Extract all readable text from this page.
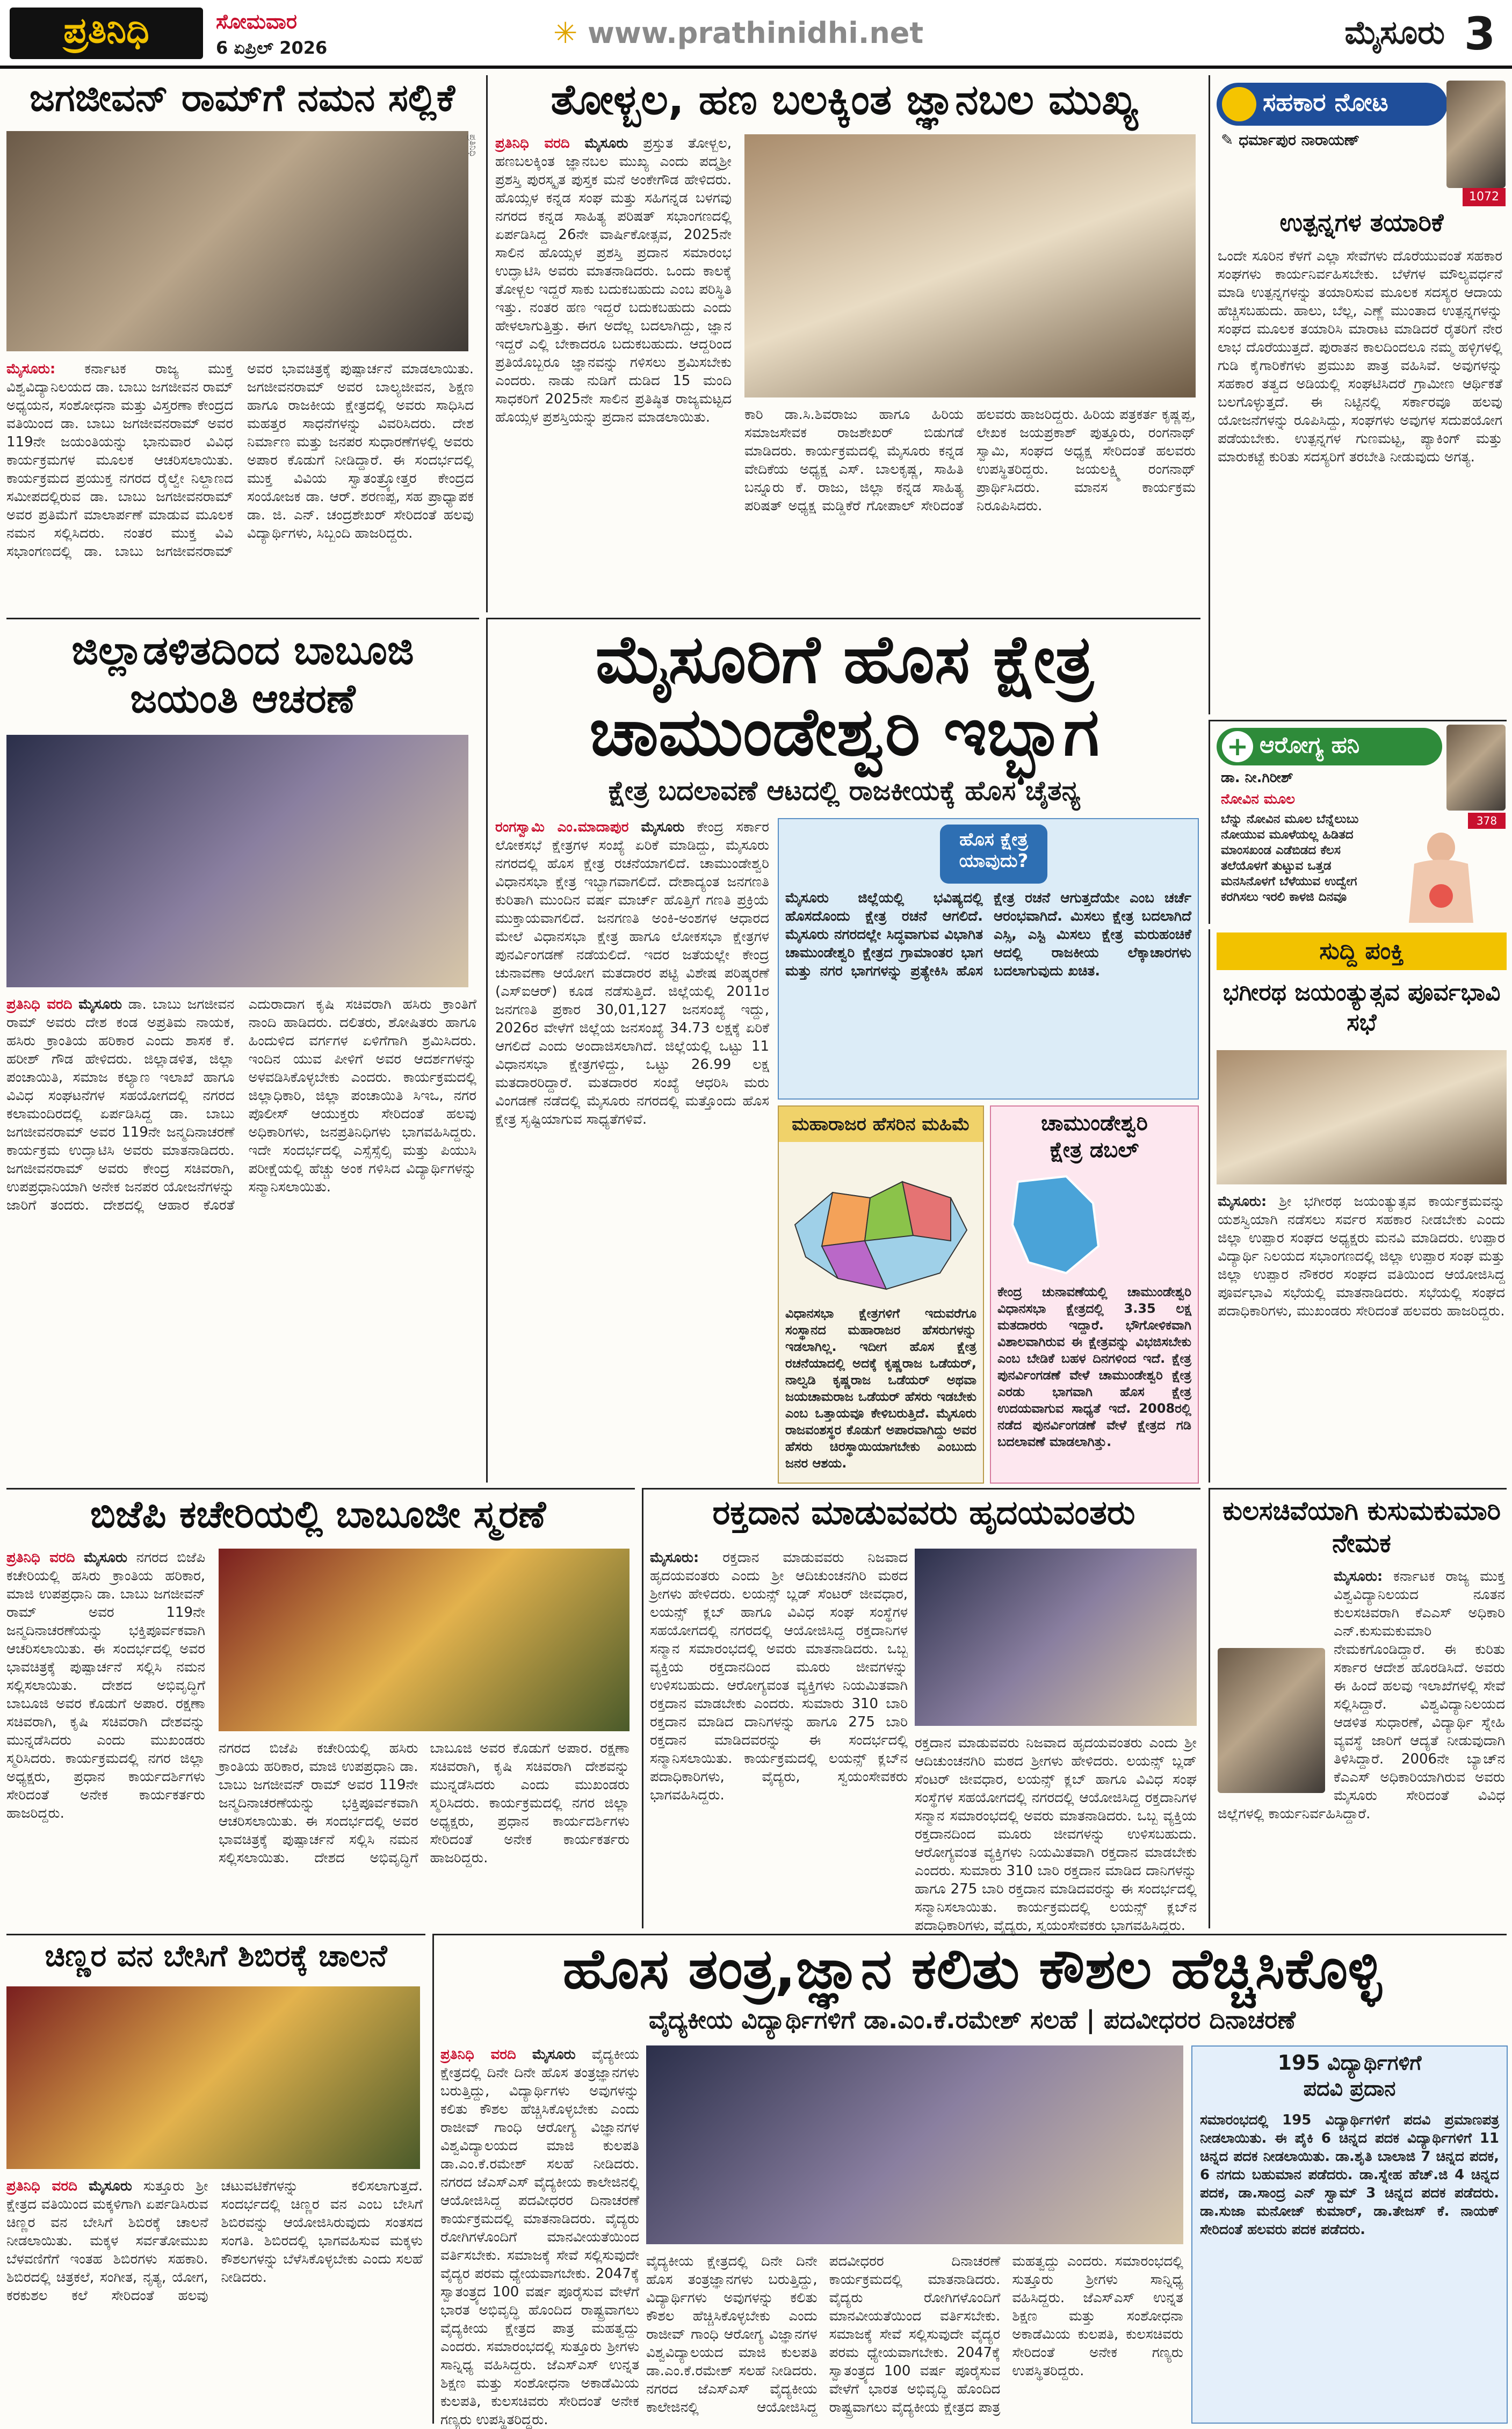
ಪ್ರತಿನಿಧಿ	ಸೋಮವಾರ
6 ಏಪ್ರಿಲ್ 2026	✳ www.prathinidhi.net	ಮೈಸೂರು 3
ಜಗಜೀವನ್ ರಾಮ್‌ಗೆ ನಮನ ಸಲ್ಲಿಕೆ
ಪ್ರತಿನಿಧಿ
ಮೈಸೂರು: ಕರ್ನಾಟಕ ರಾಜ್ಯ ಮುಕ್ತ ವಿಶ್ವವಿದ್ಯಾನಿಲಯದ ಡಾ. ಬಾಬು ಜಗಜೀವನ ರಾಮ್ ಅಧ್ಯಯನ, ಸಂಶೋಧನಾ ಮತ್ತು ವಿಸ್ತರಣಾ ಕೇಂದ್ರದ ವತಿಯಿಂದ ಡಾ. ಬಾಬು ಜಗಜೀವನರಾಮ್ ಅವರ 119ನೇ ಜಯಂತಿಯನ್ನು ಭಾನುವಾರ ವಿವಿಧ ಕಾರ್ಯಕ್ರಮಗಳ ಮೂಲಕ ಆಚರಿಸಲಾಯಿತು. ಕಾರ್ಯಕ್ರಮದ ಪ್ರಯುಕ್ತ ನಗರದ ರೈಲ್ವೇ ನಿಲ್ದಾಣದ ಸಮೀಪದಲ್ಲಿರುವ ಡಾ. ಬಾಬು ಜಗಜೀವನರಾಮ್ ಅವರ ಪ್ರತಿಮೆಗೆ ಮಾಲಾರ್ಪಣೆ ಮಾಡುವ ಮೂಲಕ ನಮನ ಸಲ್ಲಿಸಿದರು. ನಂತರ ಮುಕ್ತ ವಿವಿ ಸಭಾಂಗಣದಲ್ಲಿ ಡಾ. ಬಾಬು ಜಗಜೀವನರಾಮ್ ಅವರ ಭಾವಚಿತ್ರಕ್ಕೆ ಪುಷ್ಪಾರ್ಚನೆ ಮಾಡಲಾಯಿತು. ಜಗಜೀವನರಾಮ್ ಅವರ ಬಾಲ್ಯಜೀವನ, ಶಿಕ್ಷಣ ಹಾಗೂ ರಾಜಕೀಯ ಕ್ಷೇತ್ರದಲ್ಲಿ ಅವರು ಸಾಧಿಸಿದ ಮಹತ್ತರ ಸಾಧನೆಗಳನ್ನು ವಿವರಿಸಿದರು. ದೇಶ ನಿರ್ಮಾಣ ಮತ್ತು ಜನಪರ ಸುಧಾರಣೆಗಳಲ್ಲಿ ಅವರು ಅಪಾರ ಕೊಡುಗೆ ನೀಡಿದ್ದಾರೆ. ಈ ಸಂದರ್ಭದಲ್ಲಿ ಮುಕ್ತ ವಿವಿಯ ಸ್ವಾತಂತ್ರ್ಯೋತ್ತರ ಕೇಂದ್ರದ ಸಂಯೋಜಕ ಡಾ. ಆರ್. ಶರಣಪ್ಪ, ಸಹ ಪ್ರಾಧ್ಯಾಪಕ ಡಾ. ಜಿ. ಎನ್. ಚಂದ್ರಶೇಖರ್ ಸೇರಿದಂತೆ ಹಲವು ವಿದ್ಯಾರ್ಥಿಗಳು, ಸಿಬ್ಬಂದಿ ಹಾಜರಿದ್ದರು.
ತೋಳ್ಬಲ, ಹಣ ಬಲಕ್ಕಿಂತ ಜ್ಞಾನಬಲ ಮುಖ್ಯ
ಪ್ರತಿನಿಧಿ ವರದಿ ಮೈಸೂರು ಪ್ರಸ್ತುತ ತೋಳ್ಬಲ, ಹಣಬಲಕ್ಕಿಂತ ಜ್ಞಾನಬಲ ಮುಖ್ಯ ಎಂದು ಪದ್ಮಶ್ರೀ ಪ್ರಶಸ್ತಿ ಪುರಸ್ಕೃತ ಪುಸ್ತಕ ಮನೆ ಅಂಕೇಗೌಡ ಹೇಳಿದರು. ಹೊಯ್ಸಳ ಕನ್ನಡ ಸಂಘ ಮತ್ತು ಸಹಿಗನ್ನಡ ಬಳಗವು ನಗರದ ಕನ್ನಡ ಸಾಹಿತ್ಯ ಪರಿಷತ್ ಸಭಾಂಗಣದಲ್ಲಿ ಏರ್ಪಡಿಸಿದ್ದ 26ನೇ ವಾರ್ಷಿಕೋತ್ಸವ, 2025ನೇ ಸಾಲಿನ ಹೊಯ್ಸಳ ಪ್ರಶಸ್ತಿ ಪ್ರದಾನ ಸಮಾರಂಭ ಉದ್ಘಾಟಿಸಿ ಅವರು ಮಾತನಾಡಿದರು. ಒಂದು ಕಾಲಕ್ಕೆ ತೋಳ್ಬಲ ಇದ್ದರೆ ಸಾಕು ಬದುಕಬಹುದು ಎಂಬ ಪರಿಸ್ಥಿತಿ ಇತ್ತು. ನಂತರ ಹಣ ಇದ್ದರೆ ಬದುಕಬಹುದು ಎಂದು ಹೇಳಲಾಗುತ್ತಿತ್ತು. ಈಗ ಅದೆಲ್ಲ ಬದಲಾಗಿದ್ದು, ಜ್ಞಾನ ಇದ್ದರೆ ಎಲ್ಲಿ ಬೇಕಾದರೂ ಬದುಕಬಹುದು. ಆದ್ದರಿಂದ ಪ್ರತಿಯೊಬ್ಬರೂ ಜ್ಞಾನವನ್ನು ಗಳಿಸಲು ಶ್ರಮಿಸಬೇಕು ಎಂದರು. ನಾಡು ನುಡಿಗೆ ದುಡಿದ 15 ಮಂದಿ ಸಾಧಕರಿಗೆ 2025ನೇ ಸಾಲಿನ ಪ್ರತಿಷ್ಠಿತ ರಾಜ್ಯಮಟ್ಟದ ಹೊಯ್ಸಳ ಪ್ರಶಸ್ತಿಯನ್ನು ಪ್ರದಾನ ಮಾಡಲಾಯಿತು.	ಕಾರಿ ಡಾ.ಸಿ.ಶಿವರಾಜು ಹಾಗೂ ಹಿರಿಯ ಸಮಾಜಸೇವಕ ರಾಜಶೇಖರ್ ಬಿಡುಗಡೆ ಮಾಡಿದರು. ಕಾರ್ಯಕ್ರಮದಲ್ಲಿ ಮೈಸೂರು ಕನ್ನಡ ವೇದಿಕೆಯ ಅಧ್ಯಕ್ಷ ಎಸ್. ಬಾಲಕೃಷ್ಣ, ಸಾಹಿತಿ ಬನ್ನೂರು ಕೆ. ರಾಜು, ಜಿಲ್ಲಾ ಕನ್ನಡ ಸಾಹಿತ್ಯ ಪರಿಷತ್ ಅಧ್ಯಕ್ಷ ಮಡ್ಡಿಕೆರೆ ಗೋಪಾಲ್ ಸೇರಿದಂತೆ ಹಲವರು ಹಾಜರಿದ್ದರು. ಹಿರಿಯ ಪತ್ರಕರ್ತ ಕೃಷ್ಣಪ್ಪ, ಲೇಖಕ ಜಯಪ್ರಕಾಶ್ ಪುತ್ತೂರು, ರಂಗನಾಥ್ ಸ್ವಾಮಿ, ಸಂಘದ ಅಧ್ಯಕ್ಷ ಸೇರಿದಂತೆ ಹಲವರು ಉಪಸ್ಥಿತರಿದ್ದರು. ಜಯಲಕ್ಷ್ಮಿ ರಂಗನಾಥ್ ಪ್ರಾರ್ಥಿಸಿದರು. ಮಾನಸ ಕಾರ್ಯಕ್ರಮ ನಿರೂಪಿಸಿದರು.
ಸಹಕಾರ ನೋಟ
✎ ಧರ್ಮಾಪುರ ನಾರಾಯಣ್
1072
ಉತ್ಪನ್ನಗಳ ತಯಾರಿಕೆ
ಒಂದೇ ಸೂರಿನ ಕೆಳಗೆ ಎಲ್ಲಾ ಸೇವೆಗಳು ದೊರೆಯುವಂತೆ ಸಹಕಾರ ಸಂಘಗಳು ಕಾರ್ಯನಿರ್ವಹಿಸಬೇಕು. ಬೆಳೆಗಳ ಮೌಲ್ಯವರ್ಧನೆ ಮಾಡಿ ಉತ್ಪನ್ನಗಳನ್ನು ತಯಾರಿಸುವ ಮೂಲಕ ಸದಸ್ಯರ ಆದಾಯ ಹೆಚ್ಚಿಸಬಹುದು. ಹಾಲು, ಬೆಲ್ಲ, ಎಣ್ಣೆ ಮುಂತಾದ ಉತ್ಪನ್ನಗಳನ್ನು ಸಂಘದ ಮೂಲಕ ತಯಾರಿಸಿ ಮಾರಾಟ ಮಾಡಿದರೆ ರೈತರಿಗೆ ನೇರ ಲಾಭ ದೊರೆಯುತ್ತದೆ. ಪುರಾತನ ಕಾಲದಿಂದಲೂ ನಮ್ಮ ಹಳ್ಳಿಗಳಲ್ಲಿ ಗುಡಿ ಕೈಗಾರಿಕೆಗಳು ಪ್ರಮುಖ ಪಾತ್ರ ವಹಿಸಿವೆ. ಅವುಗಳನ್ನು ಸಹಕಾರ ತತ್ವದ ಅಡಿಯಲ್ಲಿ ಸಂಘಟಿಸಿದರೆ ಗ್ರಾಮೀಣ ಆರ್ಥಿಕತೆ ಬಲಗೊಳ್ಳುತ್ತದೆ. ಈ ನಿಟ್ಟಿನಲ್ಲಿ ಸರ್ಕಾರವೂ ಹಲವು ಯೋಜನೆಗಳನ್ನು ರೂಪಿಸಿದ್ದು, ಸಂಘಗಳು ಅವುಗಳ ಸದುಪಯೋಗ ಪಡೆಯಬೇಕು. ಉತ್ಪನ್ನಗಳ ಗುಣಮಟ್ಟ, ಪ್ಯಾಕಿಂಗ್ ಮತ್ತು ಮಾರುಕಟ್ಟೆ ಕುರಿತು ಸದಸ್ಯರಿಗೆ ತರಬೇತಿ ನೀಡುವುದು ಅಗತ್ಯ.
ಜಿಲ್ಲಾಡಳಿತದಿಂದ ಬಾಬೂಜಿ
ಜಯಂತಿ ಆಚರಣೆ
ಪ್ರತಿನಿಧಿ ವರದಿ ಮೈಸೂರು ಡಾ. ಬಾಬು ಜಗಜೀವನ ರಾಮ್ ಅವರು ದೇಶ ಕಂಡ ಅಪ್ರತಿಮ ನಾಯಕ, ಹಸಿರು ಕ್ರಾಂತಿಯ ಹರಿಕಾರ ಎಂದು ಶಾಸಕ ಕೆ. ಹರೀಶ್ ಗೌಡ ಹೇಳಿದರು. ಜಿಲ್ಲಾಡಳಿತ, ಜಿಲ್ಲಾ ಪಂಚಾಯಿತಿ, ಸಮಾಜ ಕಲ್ಯಾಣ ಇಲಾಖೆ ಹಾಗೂ ವಿವಿಧ ಸಂಘಟನೆಗಳ ಸಹಯೋಗದಲ್ಲಿ ನಗರದ ಕಲಾಮಂದಿರದಲ್ಲಿ ಏರ್ಪಡಿಸಿದ್ದ ಡಾ. ಬಾಬು ಜಗಜೀವನರಾಮ್ ಅವರ 119ನೇ ಜನ್ಮದಿನಾಚರಣೆ ಕಾರ್ಯಕ್ರಮ ಉದ್ಘಾಟಿಸಿ ಅವರು ಮಾತನಾಡಿದರು. ಜಗಜೀವನರಾಮ್ ಅವರು ಕೇಂದ್ರ ಸಚಿವರಾಗಿ, ಉಪಪ್ರಧಾನಿಯಾಗಿ ಅನೇಕ ಜನಪರ ಯೋಜನೆಗಳನ್ನು ಜಾರಿಗೆ ತಂದರು. ದೇಶದಲ್ಲಿ ಆಹಾರ ಕೊರತೆ ಎದುರಾದಾಗ ಕೃಷಿ ಸಚಿವರಾಗಿ ಹಸಿರು ಕ್ರಾಂತಿಗೆ ನಾಂದಿ ಹಾಡಿದರು. ದಲಿತರು, ಶೋಷಿತರು ಹಾಗೂ ಹಿಂದುಳಿದ ವರ್ಗಗಳ ಏಳಿಗೆಗಾಗಿ ಶ್ರಮಿಸಿದರು. ಇಂದಿನ ಯುವ ಪೀಳಿಗೆ ಅವರ ಆದರ್ಶಗಳನ್ನು ಅಳವಡಿಸಿಕೊಳ್ಳಬೇಕು ಎಂದರು. ಕಾರ್ಯಕ್ರಮದಲ್ಲಿ ಜಿಲ್ಲಾಧಿಕಾರಿ, ಜಿಲ್ಲಾ ಪಂಚಾಯಿತಿ ಸಿಇಒ, ನಗರ ಪೊಲೀಸ್ ಆಯುಕ್ತರು ಸೇರಿದಂತೆ ಹಲವು ಅಧಿಕಾರಿಗಳು, ಜನಪ್ರತಿನಿಧಿಗಳು ಭಾಗವಹಿಸಿದ್ದರು. ಇದೇ ಸಂದರ್ಭದಲ್ಲಿ ಎಸ್ಸೆಸ್ಸೆಲ್ಸಿ ಮತ್ತು ಪಿಯುಸಿ ಪರೀಕ್ಷೆಯಲ್ಲಿ ಹೆಚ್ಚು ಅಂಕ ಗಳಿಸಿದ ವಿದ್ಯಾರ್ಥಿಗಳನ್ನು ಸನ್ಮಾನಿಸಲಾಯಿತು.
ಮೈಸೂರಿಗೆ ಹೊಸ ಕ್ಷೇತ್ರ
ಚಾಮುಂಡೇಶ್ವರಿ ಇಬ್ಭಾಗ
ಕ್ಷೇತ್ರ ಬದಲಾವಣೆ ಆಟದಲ್ಲಿ ರಾಜಕೀಯಕ್ಕೆ ಹೊಸ ಚೈತನ್ಯ
ರಂಗಸ್ವಾಮಿ ಎಂ.ಮಾದಾಪುರ ಮೈಸೂರು ಕೇಂದ್ರ ಸರ್ಕಾರ ಲೋಕಸಭೆ ಕ್ಷೇತ್ರಗಳ ಸಂಖ್ಯೆ ಏರಿಕೆ ಮಾಡಿದ್ದು, ಮೈಸೂರು ನಗರದಲ್ಲಿ ಹೊಸ ಕ್ಷೇತ್ರ ರಚನೆಯಾಗಲಿದೆ. ಚಾಮುಂಡೇಶ್ವರಿ ವಿಧಾನಸಭಾ ಕ್ಷೇತ್ರ ಇಬ್ಭಾಗವಾಗಲಿದೆ. ದೇಶಾದ್ಯಂತ ಜನಗಣತಿ ಕುರಿತಾಗಿ ಮುಂದಿನ ವರ್ಷ ಮಾರ್ಚ್ ಹೊತ್ತಿಗೆ ಗಣತಿ ಪ್ರಕ್ರಿಯೆ ಮುಕ್ತಾಯವಾಗಲಿದೆ. ಜನಗಣತಿ ಅಂಕಿ-ಅಂಶಗಳ ಆಧಾರದ ಮೇಲೆ ವಿಧಾನಸಭಾ ಕ್ಷೇತ್ರ ಹಾಗೂ ಲೋಕಸಭಾ ಕ್ಷೇತ್ರಗಳ ಪುನರ್ವಿಂಗಡಣೆ ನಡೆಯಲಿದೆ. ಇದರ ಜತೆಯಲ್ಲೇ ಕೇಂದ್ರ ಚುನಾವಣಾ ಆಯೋಗ ಮತದಾರರ ಪಟ್ಟಿ ವಿಶೇಷ ಪರಿಷ್ಕರಣೆ (ಎಸ್ಐಆರ್) ಕೂಡ ನಡೆಸುತ್ತಿದೆ. ಜಿಲ್ಲೆಯಲ್ಲಿ 2011ರ ಜನಗಣತಿ ಪ್ರಕಾರ 30,01,127 ಜನಸಂಖ್ಯೆ ಇದ್ದು, 2026ರ ವೇಳೆಗೆ ಜಿಲ್ಲೆಯ ಜನಸಂಖ್ಯೆ 34.73 ಲಕ್ಷಕ್ಕೆ ಏರಿಕೆ ಆಗಲಿದೆ ಎಂದು ಅಂದಾಜಿಸಲಾಗಿದೆ. ಜಿಲ್ಲೆಯಲ್ಲಿ ಒಟ್ಟು 11 ವಿಧಾನಸಭಾ ಕ್ಷೇತ್ರಗಳಿದ್ದು, ಒಟ್ಟು 26.99 ಲಕ್ಷ ಮತದಾರರಿದ್ದಾರೆ. ಮತದಾರರ ಸಂಖ್ಯೆ ಆಧರಿಸಿ ಮರು ವಿಂಗಡಣೆ ನಡೆದಲ್ಲಿ ಮೈಸೂರು ನಗರದಲ್ಲಿ ಮತ್ತೊಂದು ಹೊಸ ಕ್ಷೇತ್ರ ಸೃಷ್ಟಿಯಾಗುವ ಸಾಧ್ಯತೆಗಳಿವೆ.
ಹೊಸ ಕ್ಷೇತ್ರ ಯಾವುದು?
ಮೈಸೂರು ಜಿಲ್ಲೆಯಲ್ಲಿ ಭವಿಷ್ಯದಲ್ಲಿ ಹೊಸದೊಂದು ಕ್ಷೇತ್ರ ರಚನೆ ಆಗಲಿದೆ. ಮೈಸೂರು ನಗರದಲ್ಲೇ ಸಿದ್ಧವಾಗುವ ವಿಭಾಗಿತ ಚಾಮುಂಡೇಶ್ವರಿ ಕ್ಷೇತ್ರದ ಗ್ರಾಮಾಂತರ ಭಾಗ ಮತ್ತು ನಗರ ಭಾಗಗಳನ್ನು ಪ್ರತ್ಯೇಕಿಸಿ ಹೊಸ ಕ್ಷೇತ್ರ ರಚನೆ ಆಗುತ್ತದೆಯೇ ಎಂಬ ಚರ್ಚೆ ಆರಂಭವಾಗಿದೆ. ಮಿಸಲು ಕ್ಷೇತ್ರ ಬದಲಾಗಿದೆ ಎಸ್ಸಿ, ಎಸ್ಟಿ ಮಿಸಲು ಕ್ಷೇತ್ರ ಮರುಹಂಚಿಕೆ ಆದಲ್ಲಿ ರಾಜಕೀಯ ಲೆಕ್ಕಾಚಾರಗಳು ಬದಲಾಗುವುದು ಖಚಿತ.
ಮಹಾರಾಜರ ಹೆಸರಿನ ಮಹಿಮೆ
ವಿಧಾನಸಭಾ ಕ್ಷೇತ್ರಗಳಿಗೆ ಇದುವರೆಗೂ ಸಂಸ್ಥಾನದ ಮಹಾರಾಜರ ಹೆಸರುಗಳನ್ನು ಇಡಲಾಗಿಲ್ಲ. ಇದೀಗ ಹೊಸ ಕ್ಷೇತ್ರ ರಚನೆಯಾದಲ್ಲಿ ಅದಕ್ಕೆ ಕೃಷ್ಣರಾಜ ಒಡೆಯರ್, ನಾಲ್ವಡಿ ಕೃಷ್ಣರಾಜ ಒಡೆಯರ್ ಅಥವಾ ಜಯಚಾಮರಾಜ ಒಡೆಯರ್ ಹೆಸರು ಇಡಬೇಕು ಎಂಬ ಒತ್ತಾಯವೂ ಕೇಳಿಬರುತ್ತಿದೆ. ಮೈಸೂರು ರಾಜವಂಶಸ್ಥರ ಕೊಡುಗೆ ಅಪಾರವಾಗಿದ್ದು ಅವರ ಹೆಸರು ಚಿರಸ್ಥಾಯಿಯಾಗಬೇಕು ಎಂಬುದು ಜನರ ಆಶಯ.
ಚಾಮುಂಡೇಶ್ವರಿ
ಕ್ಷೇತ್ರ ಡಬಲ್
ಕೇಂದ್ರ ಚುನಾವಣೆಯಲ್ಲಿ ಚಾಮುಂಡೇಶ್ವರಿ ವಿಧಾನಸಭಾ ಕ್ಷೇತ್ರದಲ್ಲಿ 3.35 ಲಕ್ಷ ಮತದಾರರು ಇದ್ದಾರೆ. ಭೌಗೋಳಿಕವಾಗಿ ವಿಶಾಲವಾಗಿರುವ ಈ ಕ್ಷೇತ್ರವನ್ನು ವಿಭಜಿಸಬೇಕು ಎಂಬ ಬೇಡಿಕೆ ಬಹಳ ದಿನಗಳಿಂದ ಇದೆ. ಕ್ಷೇತ್ರ ಪುನರ್ವಿಂಗಡಣೆ ವೇಳೆ ಚಾಮುಂಡೇಶ್ವರಿ ಕ್ಷೇತ್ರ ಎರಡು ಭಾಗವಾಗಿ ಹೊಸ ಕ್ಷೇತ್ರ ಉದಯವಾಗುವ ಸಾಧ್ಯತೆ ಇದೆ. 2008ರಲ್ಲಿ ನಡೆದ ಪುನರ್ವಿಂಗಡಣೆ ವೇಳೆ ಕ್ಷೇತ್ರದ ಗಡಿ ಬದಲಾವಣೆ ಮಾಡಲಾಗಿತ್ತು.
+ ಆರೋಗ್ಯ ಹನಿ
ಡಾ. ನೀ.ಗಿರೀಶ್
378
ನೋವಿನ ಮೂಲ
ಬೆನ್ನು ನೋವಿನ ಮೂಲ ಬೆನ್ನೆಲುಬು ನೋಯುವ ಮೂಳೆಯಲ್ಲ ಹಿಡಿತದ ಮಾಂಸಖಂಡ ಎಡೆಬಿಡದ ಕೆಲಸ ತಲೆಯೊಳಗೆ ತುಟ್ಟುವ ಒತ್ತಡ ಮನಸಿನೊಳಗೆ ಬೆಳೆಯುವ ಉದ್ವೇಗ ಕರಗಿಸಲು ಇರಲಿ ಕಾಳಜಿ ದಿನವೂ
ಸುದ್ದಿ ಪಂಕ್ತಿ
ಭಗೀರಥ ಜಯಂತ್ಯುತ್ಸವ ಪೂರ್ವಭಾವಿ ಸಭೆ
ಮೈಸೂರು: ಶ್ರೀ ಭಗೀರಥ ಜಯಂತ್ಯುತ್ಸವ ಕಾರ್ಯಕ್ರಮವನ್ನು ಯಶಸ್ವಿಯಾಗಿ ನಡೆಸಲು ಸರ್ವರ ಸಹಕಾರ ನೀಡಬೇಕು ಎಂದು ಜಿಲ್ಲಾ ಉಪ್ಪಾರ ಸಂಘದ ಅಧ್ಯಕ್ಷರು ಮನವಿ ಮಾಡಿದರು. ಉಪ್ಪಾರ ವಿದ್ಯಾರ್ಥಿ ನಿಲಯದ ಸಭಾಂಗಣದಲ್ಲಿ ಜಿಲ್ಲಾ ಉಪ್ಪಾರ ಸಂಘ ಮತ್ತು ಜಿಲ್ಲಾ ಉಪ್ಪಾರ ನೌಕರರ ಸಂಘದ ವತಿಯಿಂದ ಆಯೋಜಿಸಿದ್ದ ಪೂರ್ವಭಾವಿ ಸಭೆಯಲ್ಲಿ ಮಾತನಾಡಿದರು. ಸಭೆಯಲ್ಲಿ ಸಂಘದ ಪದಾಧಿಕಾರಿಗಳು, ಮುಖಂಡರು ಸೇರಿದಂತೆ ಹಲವರು ಹಾಜರಿದ್ದರು.
ಕುಲಸಚಿವೆಯಾಗಿ ಕುಸುಮಕುಮಾರಿ ನೇಮಕ
ಮೈಸೂರು: ಕರ್ನಾಟಕ ರಾಜ್ಯ ಮುಕ್ತ ವಿಶ್ವವಿದ್ಯಾನಿಲಯದ ನೂತನ ಕುಲಸಚಿವರಾಗಿ ಕೆಎಎಸ್ ಅಧಿಕಾರಿ ಎನ್.ಕುಸುಮಕುಮಾರಿ ನೇಮಕಗೊಂಡಿದ್ದಾರೆ. ಈ ಕುರಿತು ಸರ್ಕಾರ ಆದೇಶ ಹೊರಡಿಸಿದೆ. ಅವರು ಈ ಹಿಂದೆ ಹಲವು ಇಲಾಖೆಗಳಲ್ಲಿ ಸೇವೆ ಸಲ್ಲಿಸಿದ್ದಾರೆ. ವಿಶ್ವವಿದ್ಯಾನಿಲಯದ ಆಡಳಿತ ಸುಧಾರಣೆ, ವಿದ್ಯಾರ್ಥಿ ಸ್ನೇಹಿ ವ್ಯವಸ್ಥೆ ಜಾರಿಗೆ ಆದ್ಯತೆ ನೀಡುವುದಾಗಿ ತಿಳಿಸಿದ್ದಾರೆ. 2006ನೇ ಬ್ಯಾಚ್‌ನ ಕೆಎಎಸ್ ಅಧಿಕಾರಿಯಾಗಿರುವ ಅವರು ಮೈಸೂರು ಸೇರಿದಂತೆ ವಿವಿಧ ಜಿಲ್ಲೆಗಳಲ್ಲಿ ಕಾರ್ಯನಿರ್ವಹಿಸಿದ್ದಾರೆ.
ಬಿಜೆಪಿ ಕಚೇರಿಯಲ್ಲಿ ಬಾಬೂಜೀ ಸ್ಮರಣೆ
ಪ್ರತಿನಿಧಿ ವರದಿ ಮೈಸೂರು ನಗರದ ಬಿಜೆಪಿ ಕಚೇರಿಯಲ್ಲಿ ಹಸಿರು ಕ್ರಾಂತಿಯ ಹರಿಕಾರ, ಮಾಜಿ ಉಪಪ್ರಧಾನಿ ಡಾ. ಬಾಬು ಜಗಜೀವನ್ ರಾಮ್ ಅವರ 119ನೇ ಜನ್ಮದಿನಾಚರಣೆಯನ್ನು ಭಕ್ತಿಪೂರ್ವಕವಾಗಿ ಆಚರಿಸಲಾಯಿತು. ಈ ಸಂದರ್ಭದಲ್ಲಿ ಅವರ ಭಾವಚಿತ್ರಕ್ಕೆ ಪುಷ್ಪಾರ್ಚನೆ ಸಲ್ಲಿಸಿ ನಮನ ಸಲ್ಲಿಸಲಾಯಿತು. ದೇಶದ ಅಭಿವೃದ್ಧಿಗೆ ಬಾಬೂಜಿ ಅವರ ಕೊಡುಗೆ ಅಪಾರ. ರಕ್ಷಣಾ ಸಚಿವರಾಗಿ, ಕೃಷಿ ಸಚಿವರಾಗಿ ದೇಶವನ್ನು ಮುನ್ನಡೆಸಿದರು ಎಂದು ಮುಖಂಡರು ಸ್ಮರಿಸಿದರು. ಕಾರ್ಯಕ್ರಮದಲ್ಲಿ ನಗರ ಜಿಲ್ಲಾ ಅಧ್ಯಕ್ಷರು, ಪ್ರಧಾನ ಕಾರ್ಯದರ್ಶಿಗಳು ಸೇರಿದಂತೆ ಅನೇಕ ಕಾರ್ಯಕರ್ತರು ಹಾಜರಿದ್ದರು.
ನಗರದ ಬಿಜೆಪಿ ಕಚೇರಿಯಲ್ಲಿ ಹಸಿರು ಕ್ರಾಂತಿಯ ಹರಿಕಾರ, ಮಾಜಿ ಉಪಪ್ರಧಾನಿ ಡಾ. ಬಾಬು ಜಗಜೀವನ್ ರಾಮ್ ಅವರ 119ನೇ ಜನ್ಮದಿನಾಚರಣೆಯನ್ನು ಭಕ್ತಿಪೂರ್ವಕವಾಗಿ ಆಚರಿಸಲಾಯಿತು. ಈ ಸಂದರ್ಭದಲ್ಲಿ ಅವರ ಭಾವಚಿತ್ರಕ್ಕೆ ಪುಷ್ಪಾರ್ಚನೆ ಸಲ್ಲಿಸಿ ನಮನ ಸಲ್ಲಿಸಲಾಯಿತು. ದೇಶದ ಅಭಿವೃದ್ಧಿಗೆ ಬಾಬೂಜಿ ಅವರ ಕೊಡುಗೆ ಅಪಾರ. ರಕ್ಷಣಾ ಸಚಿವರಾಗಿ, ಕೃಷಿ ಸಚಿವರಾಗಿ ದೇಶವನ್ನು ಮುನ್ನಡೆಸಿದರು ಎಂದು ಮುಖಂಡರು ಸ್ಮರಿಸಿದರು. ಕಾರ್ಯಕ್ರಮದಲ್ಲಿ ನಗರ ಜಿಲ್ಲಾ ಅಧ್ಯಕ್ಷರು, ಪ್ರಧಾನ ಕಾರ್ಯದರ್ಶಿಗಳು ಸೇರಿದಂತೆ ಅನೇಕ ಕಾರ್ಯಕರ್ತರು ಹಾಜರಿದ್ದರು.
ರಕ್ತದಾನ ಮಾಡುವವರು ಹೃದಯವಂತರು
ಮೈಸೂರು: ರಕ್ತದಾನ ಮಾಡುವವರು ನಿಜವಾದ ಹೃದಯವಂತರು ಎಂದು ಶ್ರೀ ಆದಿಚುಂಚನಗಿರಿ ಮಠದ ಶ್ರೀಗಳು ಹೇಳಿದರು. ಲಯನ್ಸ್ ಬ್ಲಡ್ ಸೆಂಟರ್ ಜೀವಧಾರ, ಲಯನ್ಸ್ ಕ್ಲಬ್ ಹಾಗೂ ವಿವಿಧ ಸಂಘ ಸಂಸ್ಥೆಗಳ ಸಹಯೋಗದಲ್ಲಿ ನಗರದಲ್ಲಿ ಆಯೋಜಿಸಿದ್ದ ರಕ್ತದಾನಿಗಳ ಸನ್ಮಾನ ಸಮಾರಂಭದಲ್ಲಿ ಅವರು ಮಾತನಾಡಿದರು. ಒಬ್ಬ ವ್ಯಕ್ತಿಯ ರಕ್ತದಾನದಿಂದ ಮೂರು ಜೀವಗಳನ್ನು ಉಳಿಸಬಹುದು. ಆರೋಗ್ಯವಂತ ವ್ಯಕ್ತಿಗಳು ನಿಯಮಿತವಾಗಿ ರಕ್ತದಾನ ಮಾಡಬೇಕು ಎಂದರು. ಸುಮಾರು 310 ಬಾರಿ ರಕ್ತದಾನ ಮಾಡಿದ ದಾನಿಗಳನ್ನು ಹಾಗೂ 275 ಬಾರಿ ರಕ್ತದಾನ ಮಾಡಿದವರನ್ನು ಈ ಸಂದರ್ಭದಲ್ಲಿ ಸನ್ಮಾನಿಸಲಾಯಿತು. ಕಾರ್ಯಕ್ರಮದಲ್ಲಿ ಲಯನ್ಸ್ ಕ್ಲಬ್‌ನ ಪದಾಧಿಕಾರಿಗಳು, ವೈದ್ಯರು, ಸ್ವಯಂಸೇವಕರು ಭಾಗವಹಿಸಿದ್ದರು.
ರಕ್ತದಾನ ಮಾಡುವವರು ನಿಜವಾದ ಹೃದಯವಂತರು ಎಂದು ಶ್ರೀ ಆದಿಚುಂಚನಗಿರಿ ಮಠದ ಶ್ರೀಗಳು ಹೇಳಿದರು. ಲಯನ್ಸ್ ಬ್ಲಡ್ ಸೆಂಟರ್ ಜೀವಧಾರ, ಲಯನ್ಸ್ ಕ್ಲಬ್ ಹಾಗೂ ವಿವಿಧ ಸಂಘ ಸಂಸ್ಥೆಗಳ ಸಹಯೋಗದಲ್ಲಿ ನಗರದಲ್ಲಿ ಆಯೋಜಿಸಿದ್ದ ರಕ್ತದಾನಿಗಳ ಸನ್ಮಾನ ಸಮಾರಂಭದಲ್ಲಿ ಅವರು ಮಾತನಾಡಿದರು. ಒಬ್ಬ ವ್ಯಕ್ತಿಯ ರಕ್ತದಾನದಿಂದ ಮೂರು ಜೀವಗಳನ್ನು ಉಳಿಸಬಹುದು. ಆರೋಗ್ಯವಂತ ವ್ಯಕ್ತಿಗಳು ನಿಯಮಿತವಾಗಿ ರಕ್ತದಾನ ಮಾಡಬೇಕು ಎಂದರು. ಸುಮಾರು 310 ಬಾರಿ ರಕ್ತದಾನ ಮಾಡಿದ ದಾನಿಗಳನ್ನು ಹಾಗೂ 275 ಬಾರಿ ರಕ್ತದಾನ ಮಾಡಿದವರನ್ನು ಈ ಸಂದರ್ಭದಲ್ಲಿ ಸನ್ಮಾನಿಸಲಾಯಿತು. ಕಾರ್ಯಕ್ರಮದಲ್ಲಿ ಲಯನ್ಸ್ ಕ್ಲಬ್‌ನ ಪದಾಧಿಕಾರಿಗಳು, ವೈದ್ಯರು, ಸ್ವಯಂಸೇವಕರು ಭಾಗವಹಿಸಿದ್ದರು.
ಚಿಣ್ಣರ ವನ ಬೇಸಿಗೆ ಶಿಬಿರಕ್ಕೆ ಚಾಲನೆ
ಪ್ರತಿನಿಧಿ ವರದಿ ಮೈಸೂರು ಸುತ್ತೂರು ಶ್ರೀ ಕ್ಷೇತ್ರದ ವತಿಯಿಂದ ಮಕ್ಕಳಿಗಾಗಿ ಏರ್ಪಡಿಸಿರುವ ಚಿಣ್ಣರ ವನ ಬೇಸಿಗೆ ಶಿಬಿರಕ್ಕೆ ಚಾಲನೆ ನೀಡಲಾಯಿತು. ಮಕ್ಕಳ ಸರ್ವತೋಮುಖ ಬೆಳವಣಿಗೆಗೆ ಇಂತಹ ಶಿಬಿರಗಳು ಸಹಕಾರಿ. ಶಿಬಿರದಲ್ಲಿ ಚಿತ್ರಕಲೆ, ಸಂಗೀತ, ನೃತ್ಯ, ಯೋಗ, ಕರಕುಶಲ ಕಲೆ ಸೇರಿದಂತೆ ಹಲವು ಚಟುವಟಿಕೆಗಳನ್ನು ಕಲಿಸಲಾಗುತ್ತದೆ. ಸಂದರ್ಭದಲ್ಲಿ ಚಿಣ್ಣರ ವನ ಎಂಬ ಬೇಸಿಗೆ ಶಿಬಿರವನ್ನು ಆಯೋಜಿಸಿರುವುದು ಸಂತಸದ ಸಂಗತಿ. ಶಿಬಿರದಲ್ಲಿ ಭಾಗವಹಿಸುವ ಮಕ್ಕಳು ಕೌಶಲಗಳನ್ನು ಬೆಳೆಸಿಕೊಳ್ಳಬೇಕು ಎಂದು ಸಲಹೆ ನೀಡಿದರು.
ಹೊಸ ತಂತ್ರ,ಜ್ಞಾನ ಕಲಿತು ಕೌಶಲ ಹೆಚ್ಚಿಸಿಕೊಳ್ಳಿ
ವೈದ್ಯಕೀಯ ವಿದ್ಯಾರ್ಥಿಗಳಿಗೆ ಡಾ.ಎಂ.ಕೆ.ರಮೇಶ್ ಸಲಹೆ | ಪದವೀಧರರ ದಿನಾಚರಣೆ
ಪ್ರತಿನಿಧಿ ವರದಿ ಮೈಸೂರು ವೈದ್ಯಕೀಯ ಕ್ಷೇತ್ರದಲ್ಲಿ ದಿನೇ ದಿನೇ ಹೊಸ ತಂತ್ರಜ್ಞಾನಗಳು ಬರುತ್ತಿದ್ದು, ವಿದ್ಯಾರ್ಥಿಗಳು ಅವುಗಳನ್ನು ಕಲಿತು ಕೌಶಲ ಹೆಚ್ಚಿಸಿಕೊಳ್ಳಬೇಕು ಎಂದು ರಾಜೀವ್ ಗಾಂಧಿ ಆರೋಗ್ಯ ವಿಜ್ಞಾನಗಳ ವಿಶ್ವವಿದ್ಯಾಲಯದ ಮಾಜಿ ಕುಲಪತಿ ಡಾ.ಎಂ.ಕೆ.ರಮೇಶ್ ಸಲಹೆ ನೀಡಿದರು. ನಗರದ ಜೆಎಸ್ಎಸ್ ವೈದ್ಯಕೀಯ ಕಾಲೇಜಿನಲ್ಲಿ ಆಯೋಜಿಸಿದ್ದ ಪದವೀಧರರ ದಿನಾಚರಣೆ ಕಾರ್ಯಕ್ರಮದಲ್ಲಿ ಮಾತನಾಡಿದರು. ವೈದ್ಯರು ರೋಗಿಗಳೊಂದಿಗೆ ಮಾನವೀಯತೆಯಿಂದ ವರ್ತಿಸಬೇಕು. ಸಮಾಜಕ್ಕೆ ಸೇವೆ ಸಲ್ಲಿಸುವುದೇ ವೈದ್ಯರ ಪರಮ ಧ್ಯೇಯವಾಗಬೇಕು. 2047ಕ್ಕೆ ಸ್ವಾತಂತ್ರ್ಯದ 100 ವರ್ಷ ಪೂರೈಸುವ ವೇಳೆಗೆ ಭಾರತ ಅಭಿವೃದ್ಧಿ ಹೊಂದಿದ ರಾಷ್ಟ್ರವಾಗಲು ವೈದ್ಯಕೀಯ ಕ್ಷೇತ್ರದ ಪಾತ್ರ ಮಹತ್ವದ್ದು ಎಂದರು. ಸಮಾರಂಭದಲ್ಲಿ ಸುತ್ತೂರು ಶ್ರೀಗಳು ಸಾನ್ನಿಧ್ಯ ವಹಿಸಿದ್ದರು. ಜೆಎಸ್ಎಸ್ ಉನ್ನತ ಶಿಕ್ಷಣ ಮತ್ತು ಸಂಶೋಧನಾ ಅಕಾಡೆಮಿಯ ಕುಲಪತಿ, ಕುಲಸಚಿವರು ಸೇರಿದಂತೆ ಅನೇಕ ಗಣ್ಯರು ಉಪಸ್ಥಿತರಿದ್ದರು.
ವೈದ್ಯಕೀಯ ಕ್ಷೇತ್ರದಲ್ಲಿ ದಿನೇ ದಿನೇ ಹೊಸ ತಂತ್ರಜ್ಞಾನಗಳು ಬರುತ್ತಿದ್ದು, ವಿದ್ಯಾರ್ಥಿಗಳು ಅವುಗಳನ್ನು ಕಲಿತು ಕೌಶಲ ಹೆಚ್ಚಿಸಿಕೊಳ್ಳಬೇಕು ಎಂದು ರಾಜೀವ್ ಗಾಂಧಿ ಆರೋಗ್ಯ ವಿಜ್ಞಾನಗಳ ವಿಶ್ವವಿದ್ಯಾಲಯದ ಮಾಜಿ ಕುಲಪತಿ ಡಾ.ಎಂ.ಕೆ.ರಮೇಶ್ ಸಲಹೆ ನೀಡಿದರು. ನಗರದ ಜೆಎಸ್ಎಸ್ ವೈದ್ಯಕೀಯ ಕಾಲೇಜಿನಲ್ಲಿ ಆಯೋಜಿಸಿದ್ದ ಪದವೀಧರರ ದಿನಾಚರಣೆ ಕಾರ್ಯಕ್ರಮದಲ್ಲಿ ಮಾತನಾಡಿದರು. ವೈದ್ಯರು ರೋಗಿಗಳೊಂದಿಗೆ ಮಾನವೀಯತೆಯಿಂದ ವರ್ತಿಸಬೇಕು. ಸಮಾಜಕ್ಕೆ ಸೇವೆ ಸಲ್ಲಿಸುವುದೇ ವೈದ್ಯರ ಪರಮ ಧ್ಯೇಯವಾಗಬೇಕು. 2047ಕ್ಕೆ ಸ್ವಾತಂತ್ರ್ಯದ 100 ವರ್ಷ ಪೂರೈಸುವ ವೇಳೆಗೆ ಭಾರತ ಅಭಿವೃದ್ಧಿ ಹೊಂದಿದ ರಾಷ್ಟ್ರವಾಗಲು ವೈದ್ಯಕೀಯ ಕ್ಷೇತ್ರದ ಪಾತ್ರ ಮಹತ್ವದ್ದು ಎಂದರು. ಸಮಾರಂಭದಲ್ಲಿ ಸುತ್ತೂರು ಶ್ರೀಗಳು ಸಾನ್ನಿಧ್ಯ ವಹಿಸಿದ್ದರು. ಜೆಎಸ್ಎಸ್ ಉನ್ನತ ಶಿಕ್ಷಣ ಮತ್ತು ಸಂಶೋಧನಾ ಅಕಾಡೆಮಿಯ ಕುಲಪತಿ, ಕುಲಸಚಿವರು ಸೇರಿದಂತೆ ಅನೇಕ ಗಣ್ಯರು ಉಪಸ್ಥಿತರಿದ್ದರು.
195 ವಿದ್ಯಾರ್ಥಿಗಳಿಗೆ
ಪದವಿ ಪ್ರದಾನ
ಸಮಾರಂಭದಲ್ಲಿ 195 ವಿದ್ಯಾರ್ಥಿಗಳಿಗೆ ಪದವಿ ಪ್ರಮಾಣಪತ್ರ ನೀಡಲಾಯಿತು. ಈ ಪೈಕಿ 6 ಚಿನ್ನದ ಪದಕ ವಿದ್ಯಾರ್ಥಿಗಳಿಗೆ 11 ಚಿನ್ನದ ಪದಕ ನೀಡಲಾಯಿತು. ಡಾ.ಶೃತಿ ಬಾಲಾಜಿ 7 ಚಿನ್ನದ ಪದಕ, 6 ನಗದು ಬಹುಮಾನ ಪಡೆದರು. ಡಾ.ಸ್ನೇಹ ಹೆಚ್.ಜಿ 4 ಚಿನ್ನದ ಪದಕ, ಡಾ.ಸಾಂದ್ರ ಎನ್ ಸ್ವಾಮ್ 3 ಚಿನ್ನದ ಪದಕ ಪಡೆದರು. ಡಾ.ಸುಜಾ ಮನೋಜ್ ಕುಮಾರ್, ಡಾ.ತೇಜಸ್ ಕೆ. ನಾಯಕ್ ಸೇರಿದಂತೆ ಹಲವರು ಪದಕ ಪಡೆದರು.
